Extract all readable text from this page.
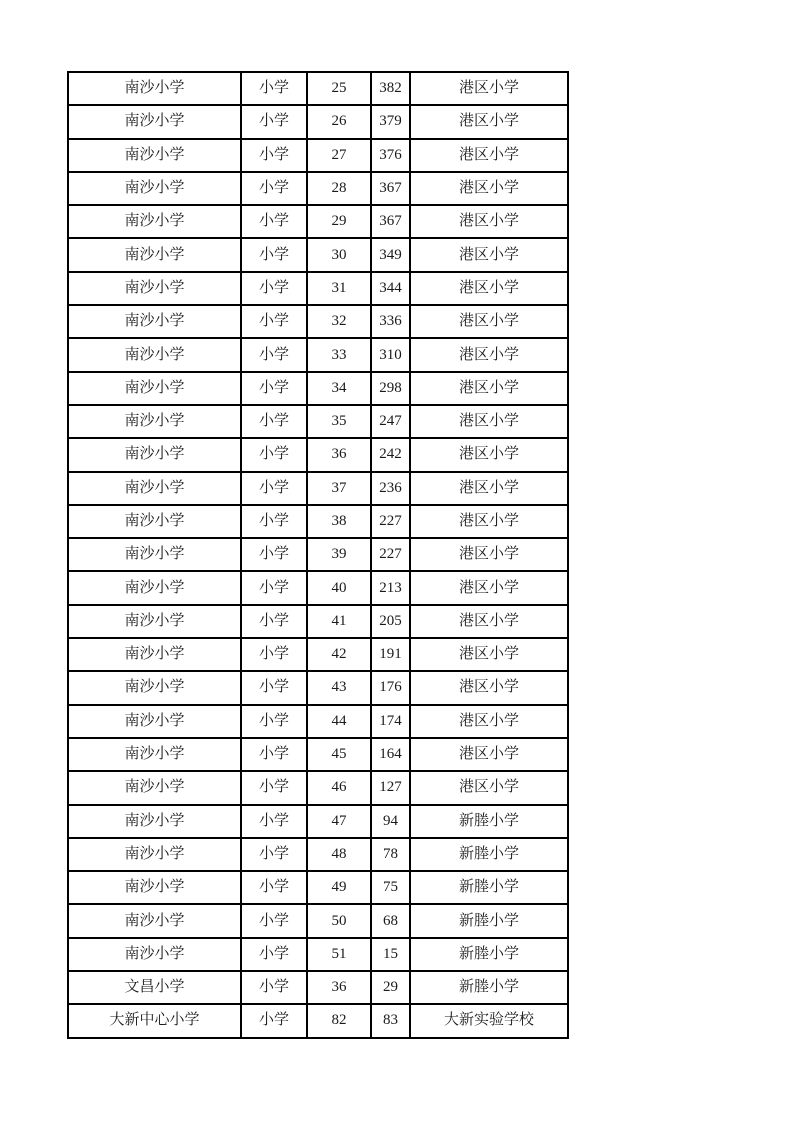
南沙小学	小学	25	382	港区小学
南沙小学	小学	26	379	港区小学
南沙小学	小学	27	376	港区小学
南沙小学	小学	28	367	港区小学
南沙小学	小学	29	367	港区小学
南沙小学	小学	30	349	港区小学
南沙小学	小学	31	344	港区小学
南沙小学	小学	32	336	港区小学
南沙小学	小学	33	310	港区小学
南沙小学	小学	34	298	港区小学
南沙小学	小学	35	247	港区小学
南沙小学	小学	36	242	港区小学
南沙小学	小学	37	236	港区小学
南沙小学	小学	38	227	港区小学
南沙小学	小学	39	227	港区小学
南沙小学	小学	40	213	港区小学
南沙小学	小学	41	205	港区小学
南沙小学	小学	42	191	港区小学
南沙小学	小学	43	176	港区小学
南沙小学	小学	44	174	港区小学
南沙小学	小学	45	164	港区小学
南沙小学	小学	46	127	港区小学
南沙小学	小学	47	94	新塍小学
南沙小学	小学	48	78	新塍小学
南沙小学	小学	49	75	新塍小学
南沙小学	小学	50	68	新塍小学
南沙小学	小学	51	15	新塍小学
文昌小学	小学	36	29	新塍小学
大新中心小学	小学	82	83	大新实验学校
